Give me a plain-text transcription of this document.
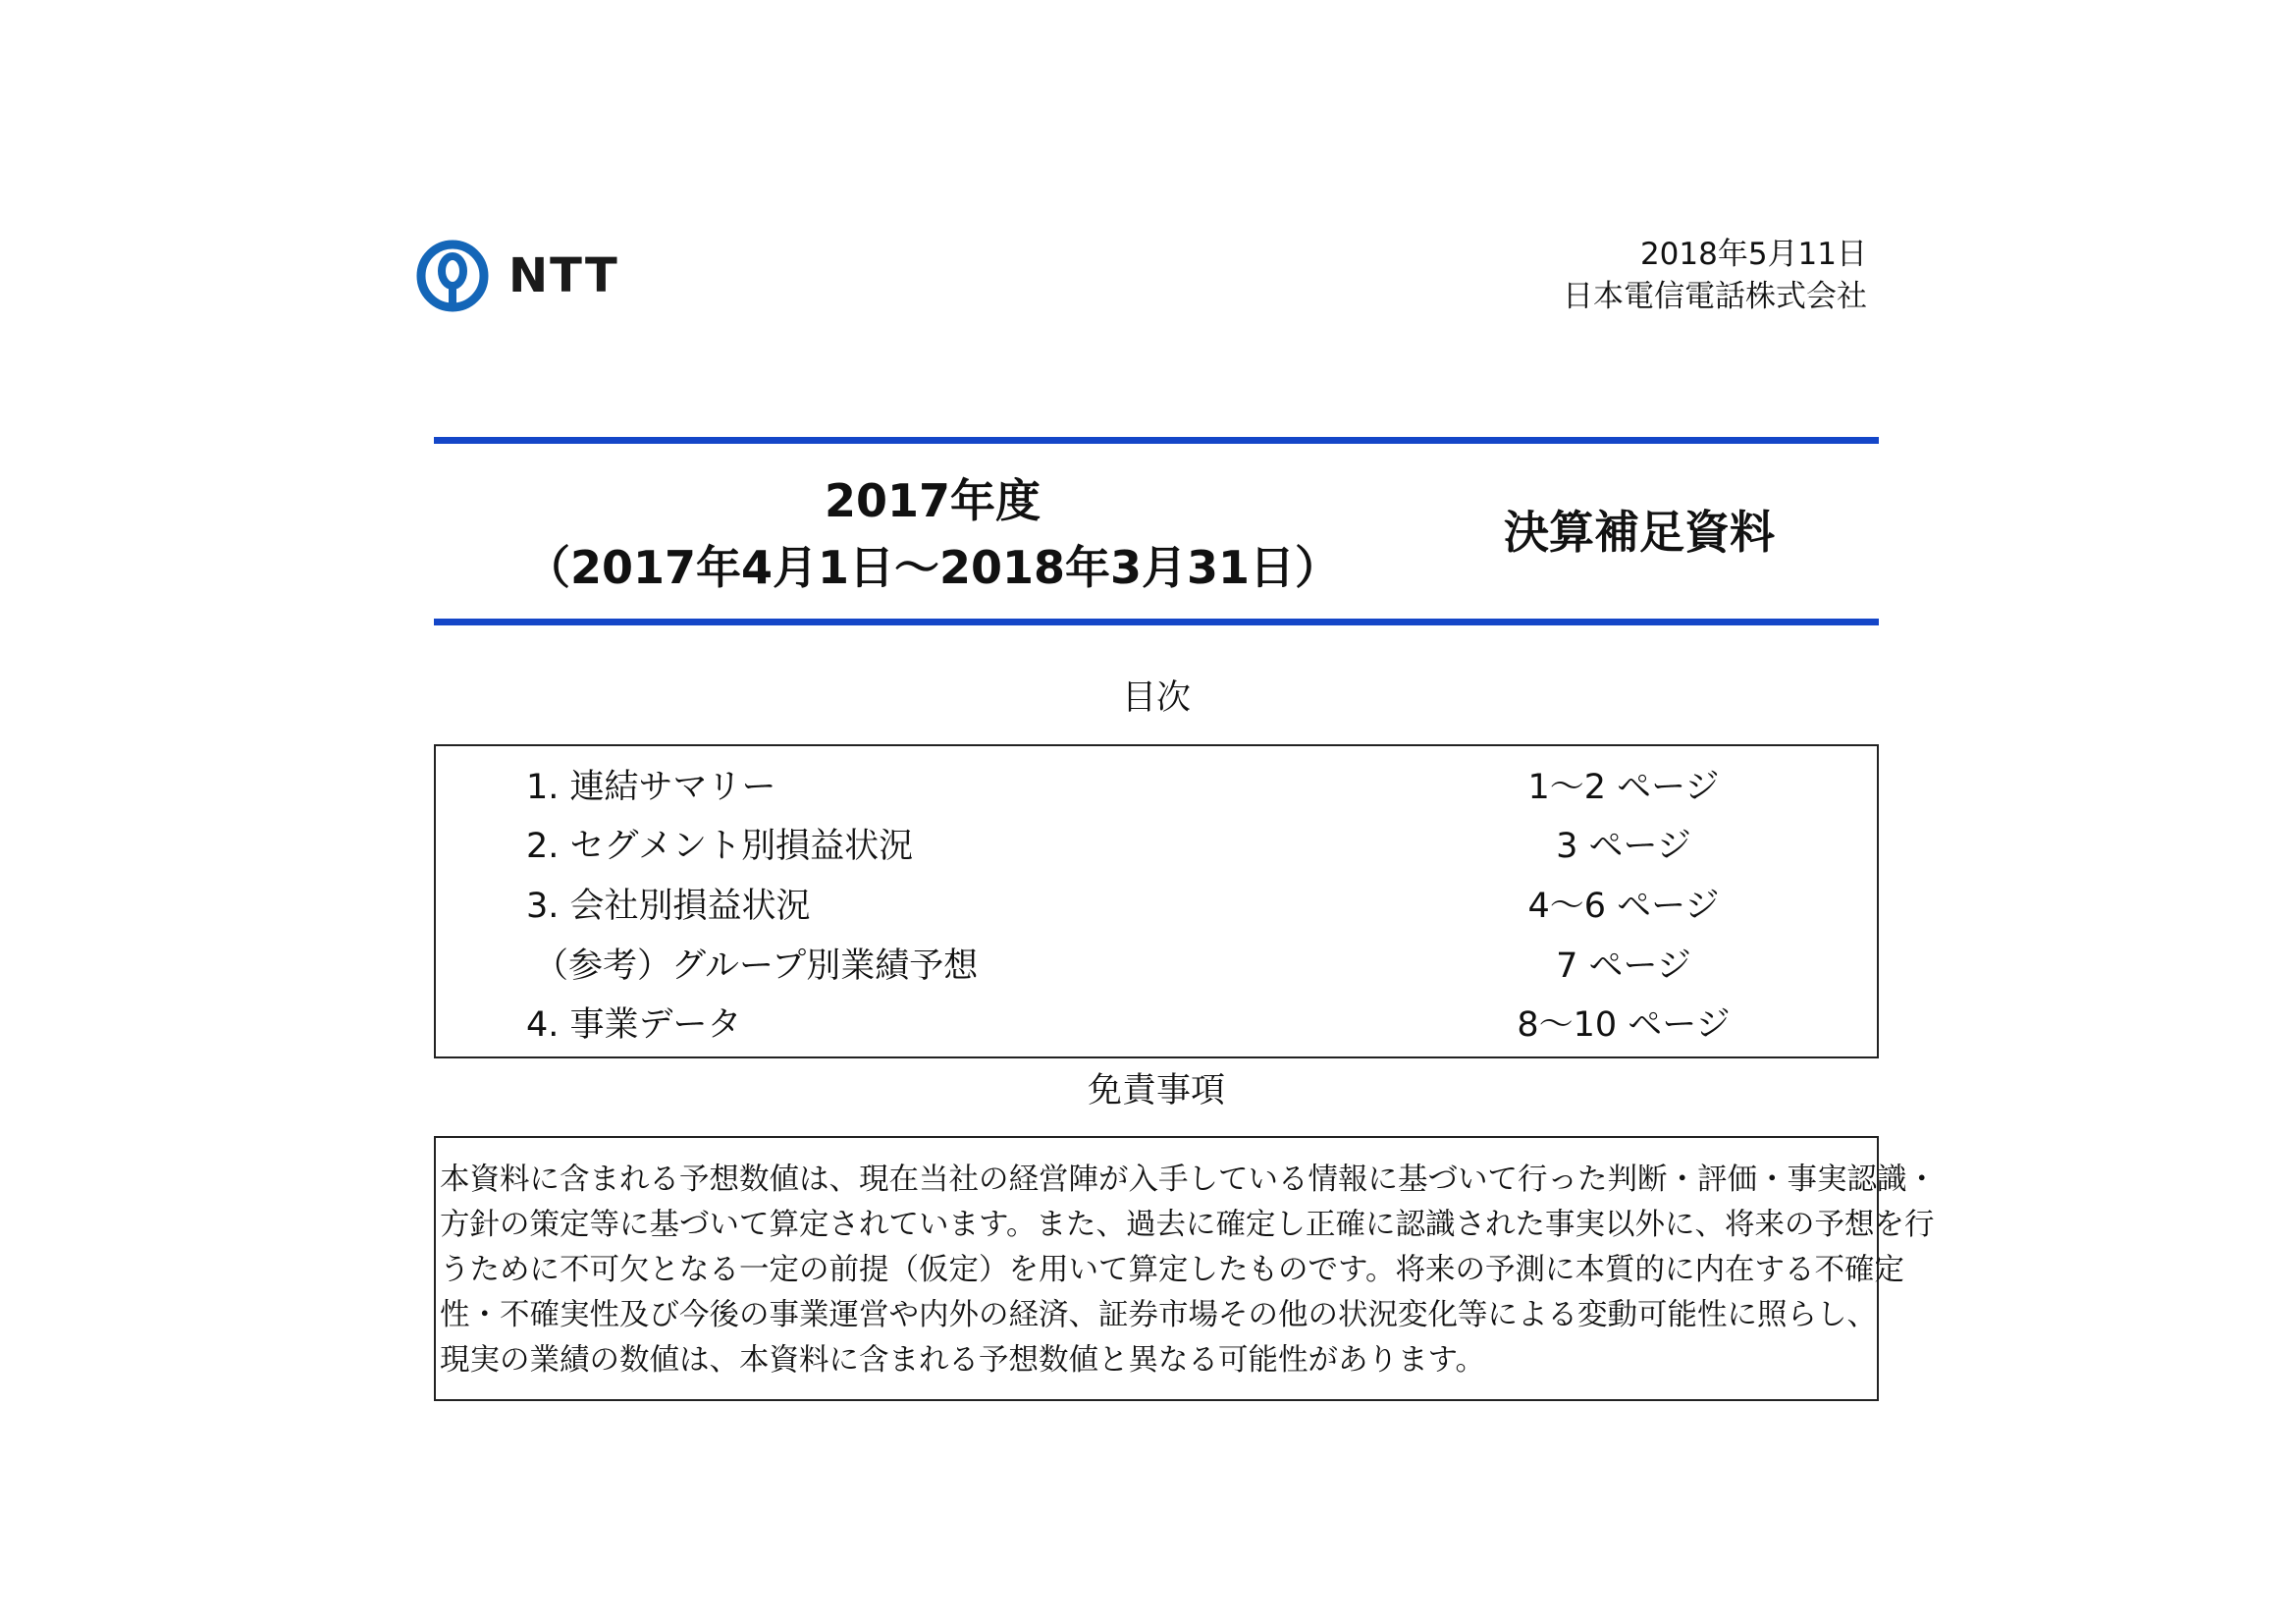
NTT	2018年5月11日
日本電信電話株式会社
2017年度
（2017年4月1日～2018年3月31日）
決算補足資料
目次
1. 連結サマリー	1～2 ページ
2. セグメント別損益状況	3 ページ
3. 会社別損益状況	4～6 ページ
（参考）グループ別業績予想	7 ページ
4. 事業データ	8～10 ページ
免責事項
本資料に含まれる予想数値は、現在当社の経営陣が入手している情報に基づいて行った判断・評価・事実認識・
方針の策定等に基づいて算定されています。また、過去に確定し正確に認識された事実以外に、将来の予想を行
うために不可欠となる一定の前提（仮定）を用いて算定したものです。将来の予測に本質的に内在する不確定
性・不確実性及び今後の事業運営や内外の経済、証券市場その他の状況変化等による変動可能性に照らし、
現実の業績の数値は、本資料に含まれる予想数値と異なる可能性があります。
